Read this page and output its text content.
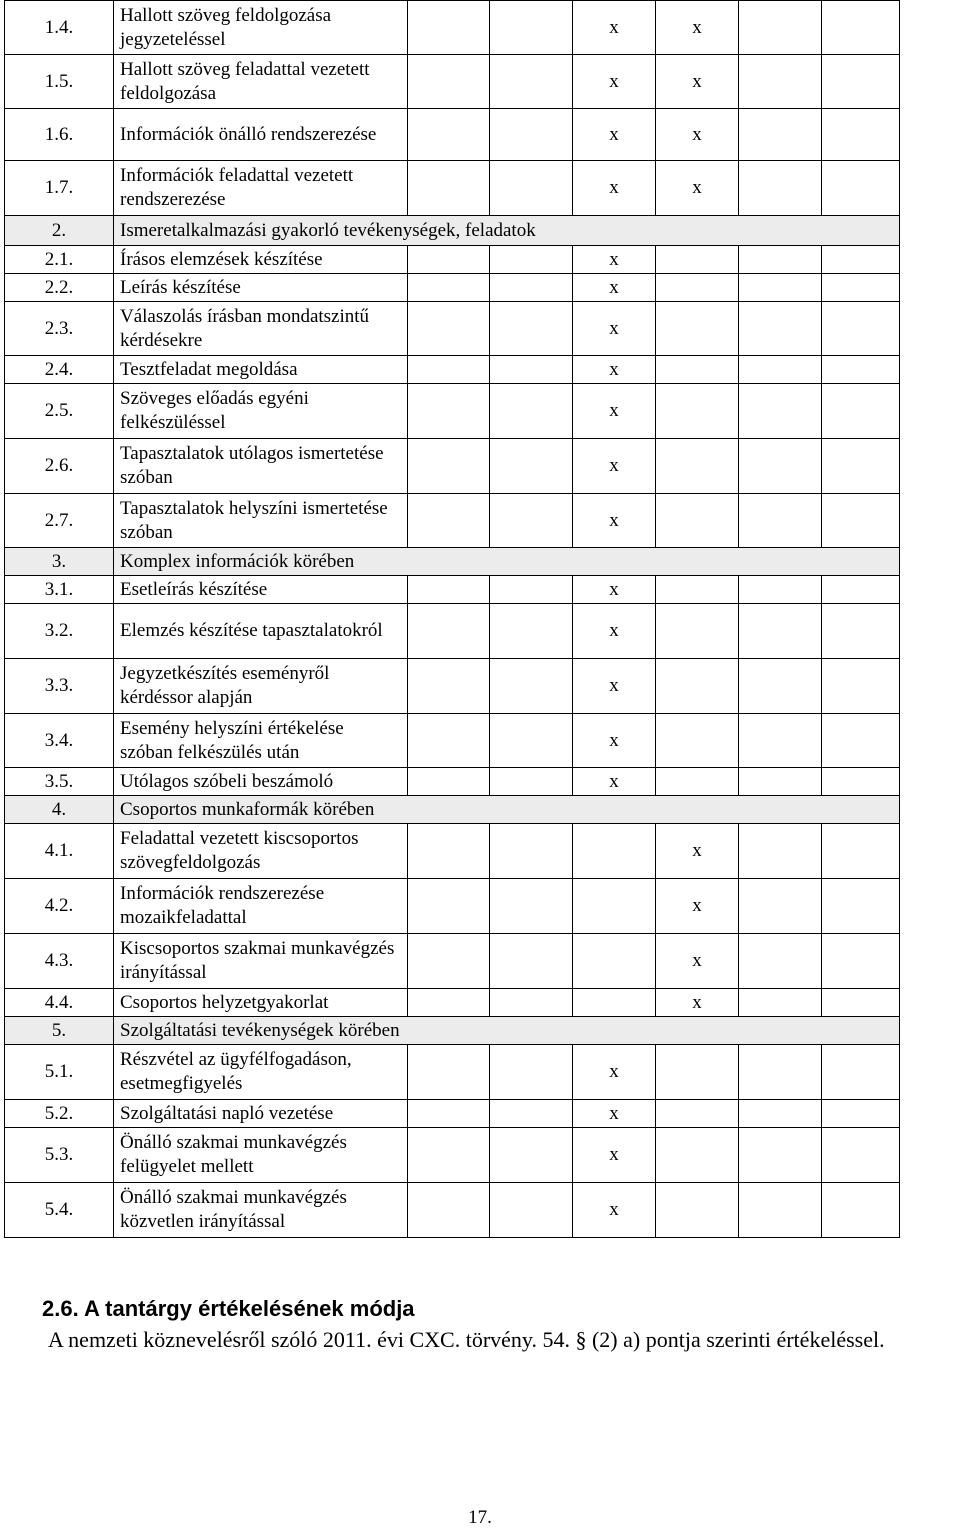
1.4.	Hallott szöveg feldolgozása jegyzeteléssel			x	x		
1.5.	Hallott szöveg feladattal vezetett feldolgozása			x	x		
1.6.	Információk önálló rendszerezése			x	x		
1.7.	Információk feladattal vezetett rendszerezése			x	x		
2.	Ismeretalkalmazási gyakorló tevékenységek, feladatok						
2.1.	Írásos elemzések készítése			x			
2.2.	Leírás készítése			x			
2.3.	Válaszolás írásban mondatszintű kérdésekre			x			
2.4.	Tesztfeladat megoldása			x			
2.5.	Szöveges előadás egyéni felkészüléssel			x			
2.6.	Tapasztalatok utólagos ismertetése szóban			x			
2.7.	Tapasztalatok helyszíni ismertetése szóban			x			
3.	Komplex információk körében						
3.1.	Esetleírás készítése			x			
3.2.	Elemzés készítése tapasztalatokról			x			
3.3.	Jegyzetkészítés eseményről kérdéssor alapján			x			
3.4.	Esemény helyszíni értékelése szóban felkészülés után			x			
3.5.	Utólagos szóbeli beszámoló			x			
4.	Csoportos munkaformák körében						
4.1.	Feladattal vezetett kiscsoportos szövegfeldolgozás				x		
4.2.	Információk rendszerezése mozaikfeladattal				x		
4.3.	Kiscsoportos szakmai munkavégzés irányítással				x		
4.4.	Csoportos helyzetgyakorlat				x		
5.	Szolgáltatási tevékenységek körében						
5.1.	Részvétel az ügyfélfogadáson, esetmegfigyelés			x			
5.2.	Szolgáltatási napló vezetése			x			
5.3.	Önálló szakmai munkavégzés felügyelet mellett			x			
5.4.	Önálló szakmai munkavégzés közvetlen irányítással			x			
2.6. A tantárgy értékelésének módja
A nemzeti köznevelésről szóló 2011. évi CXC. törvény. 54. § (2) a) pontja szerinti értékeléssel.
17.
